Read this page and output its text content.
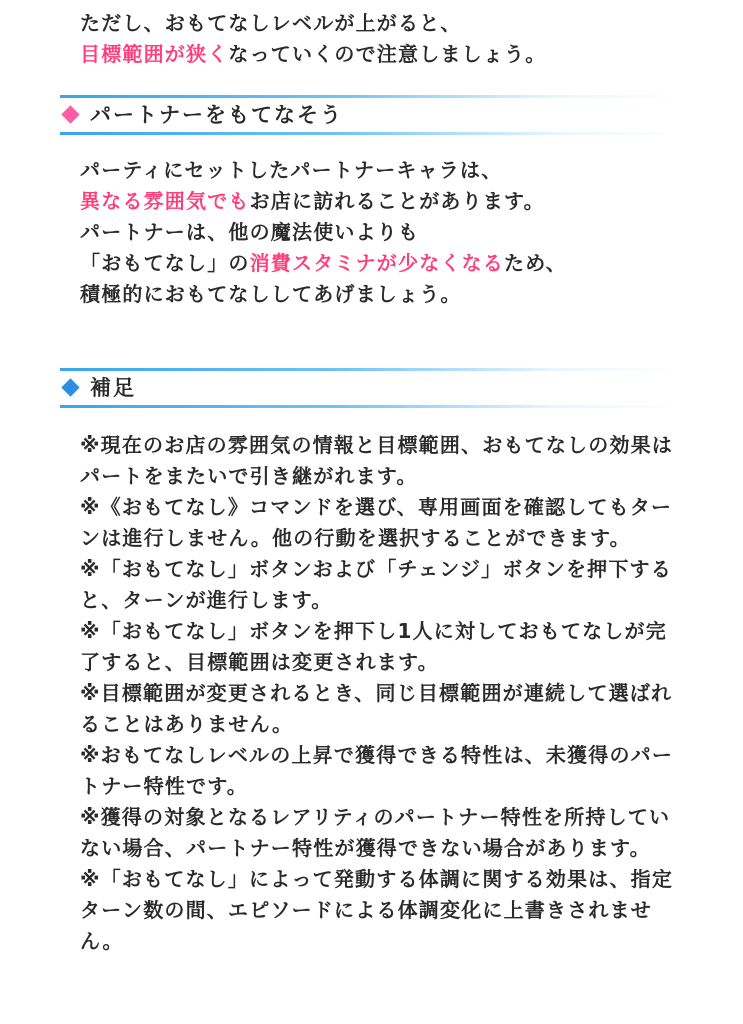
ただし、おもてなしレベルが上がると、
目標範囲が狭くなっていくので注意しましょう。

パートナーをもてなそう

パーティにセットしたパートナーキャラは、
異なる雰囲気でもお店に訪れることがあります。
パートナーは、他の魔法使いよりも
「おもてなし」の消費スタミナが少なくなるため、
積極的におもてなししてあげましょう。

補足
※現在のお店の雰囲気の情報と目標範囲、おもてなしの効果はパートをまたいで引き継がれます。
※《おもてなし》コマンドを選び、専用画面を確認してもターンは進行しません。他の行動を選択することができます。
※「おもてなし」ボタンおよび「チェンジ」ボタンを押下すると、ターンが進行します。
※「おもてなし」ボタンを押下し1人に対しておもてなしが完了すると、目標範囲は変更されます。
※目標範囲が変更されるとき、同じ目標範囲が連続して選ばれることはありません。
※おもてなしレベルの上昇で獲得できる特性は、未獲得のパートナー特性です。
※獲得の対象となるレアリティのパートナー特性を所持していない場合、パートナー特性が獲得できない場合があります。
※「おもてなし」によって発動する体調に関する効果は、指定ターン数の間、エピソードによる体調変化に上書きされません。
